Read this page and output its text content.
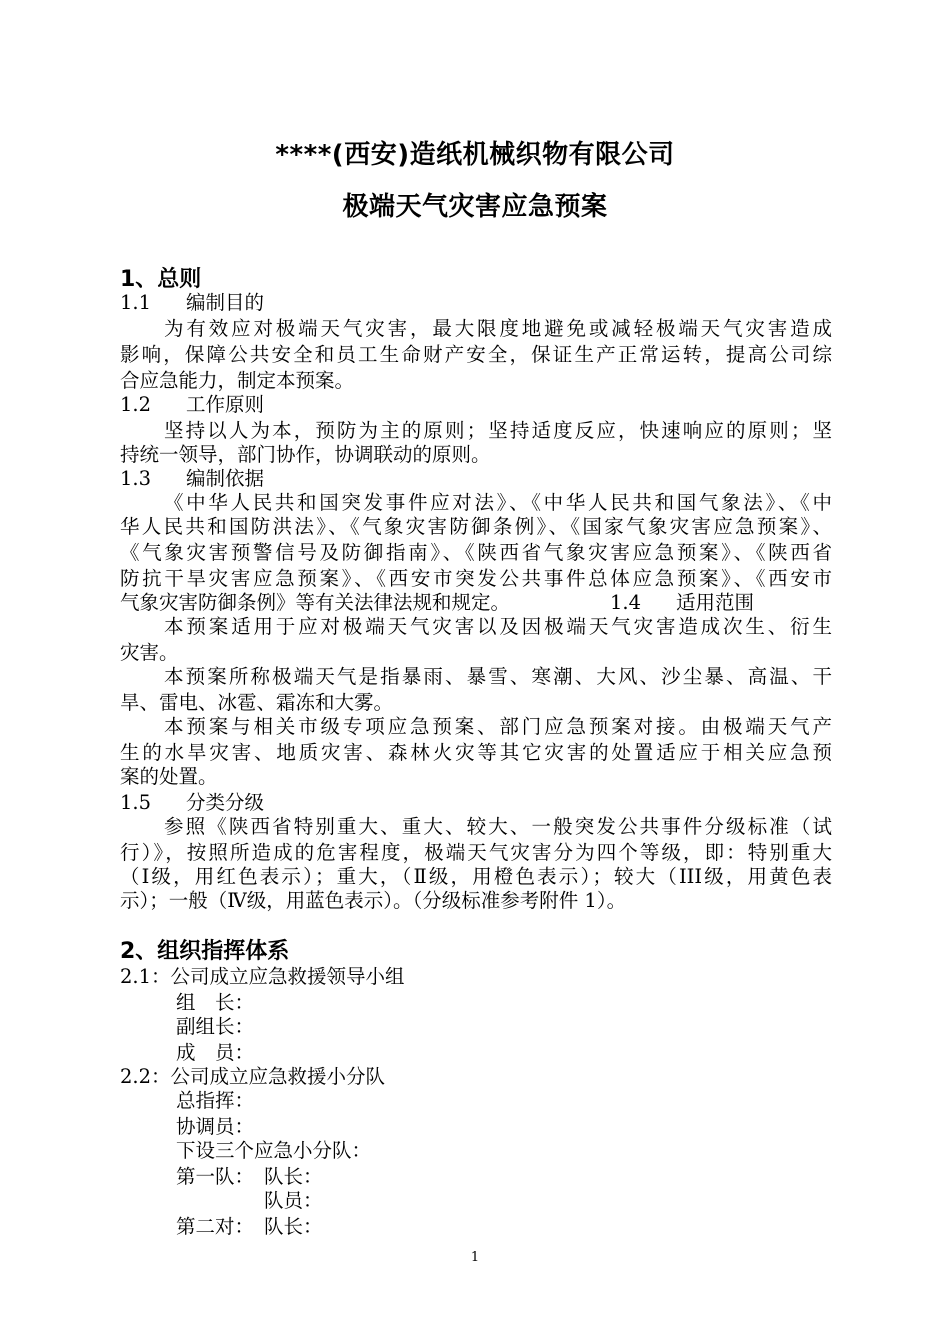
****(西安)造纸机械织物有限公司
极端天气灾害应急预案
1、总则
1.1 编制目的
为有效应对极端天气灾害，最大限度地避免或减轻极端天气灾害造成
影响，保障公共安全和员工生命财产安全，保证生产正常运转，提高公司综
合应急能力，制定本预案。
1.2 工作原则
坚持以人为本，预防为主的原则；坚持适度反应，快速响应的原则；坚
持统一领导，部门协作，协调联动的原则。
1.3 编制依据
《中华人民共和国突发事件应对法》、《中华人民共和国气象法》、《中
华人民共和国防洪法》、《气象灾害防御条例》、《国家气象灾害应急预案》、
《气象灾害预警信号及防御指南》、《陕西省气象灾害应急预案》、《陕西省
防抗干旱灾害应急预案》、《西安市突发公共事件总体应急预案》、《西安市
气象灾害防御条例》等有关法律法规和规定。	1.4 适用范围
本预案适用于应对极端天气灾害以及因极端天气灾害造成次生、衍生
灾害。
本预案所称极端天气是指暴雨、暴雪、寒潮、大风、沙尘暴、高温、干
旱、雷电、冰雹、霜冻和大雾。
本预案与相关市级专项应急预案、部门应急预案对接。由极端天气产
生的水旱灾害、地质灾害、森林火灾等其它灾害的处置适应于相关应急预
案的处置。
1.5 分类分级
参照《陕西省特别重大、重大、较大、一般突发公共事件分级标准（试
行）》，按照所造成的危害程度，极端天气灾害分为四个等级，即：特别重大
（Ⅰ级，用红色表示）；重大，（Ⅱ级，用橙色表示）；较大（III级，用黄色表
示）；一般（Ⅳ级，用蓝色表示）。（分级标准参考附件 1）。
2、组织指挥体系
2.1：公司成立应急救援领导小组
组　长：
副组长：
成　员：
2.2：公司成立应急救援小分队
总指挥：
协调员：
下设三个应急小分队：
第一队： 队长：
队员：
第二对： 队长：
1
